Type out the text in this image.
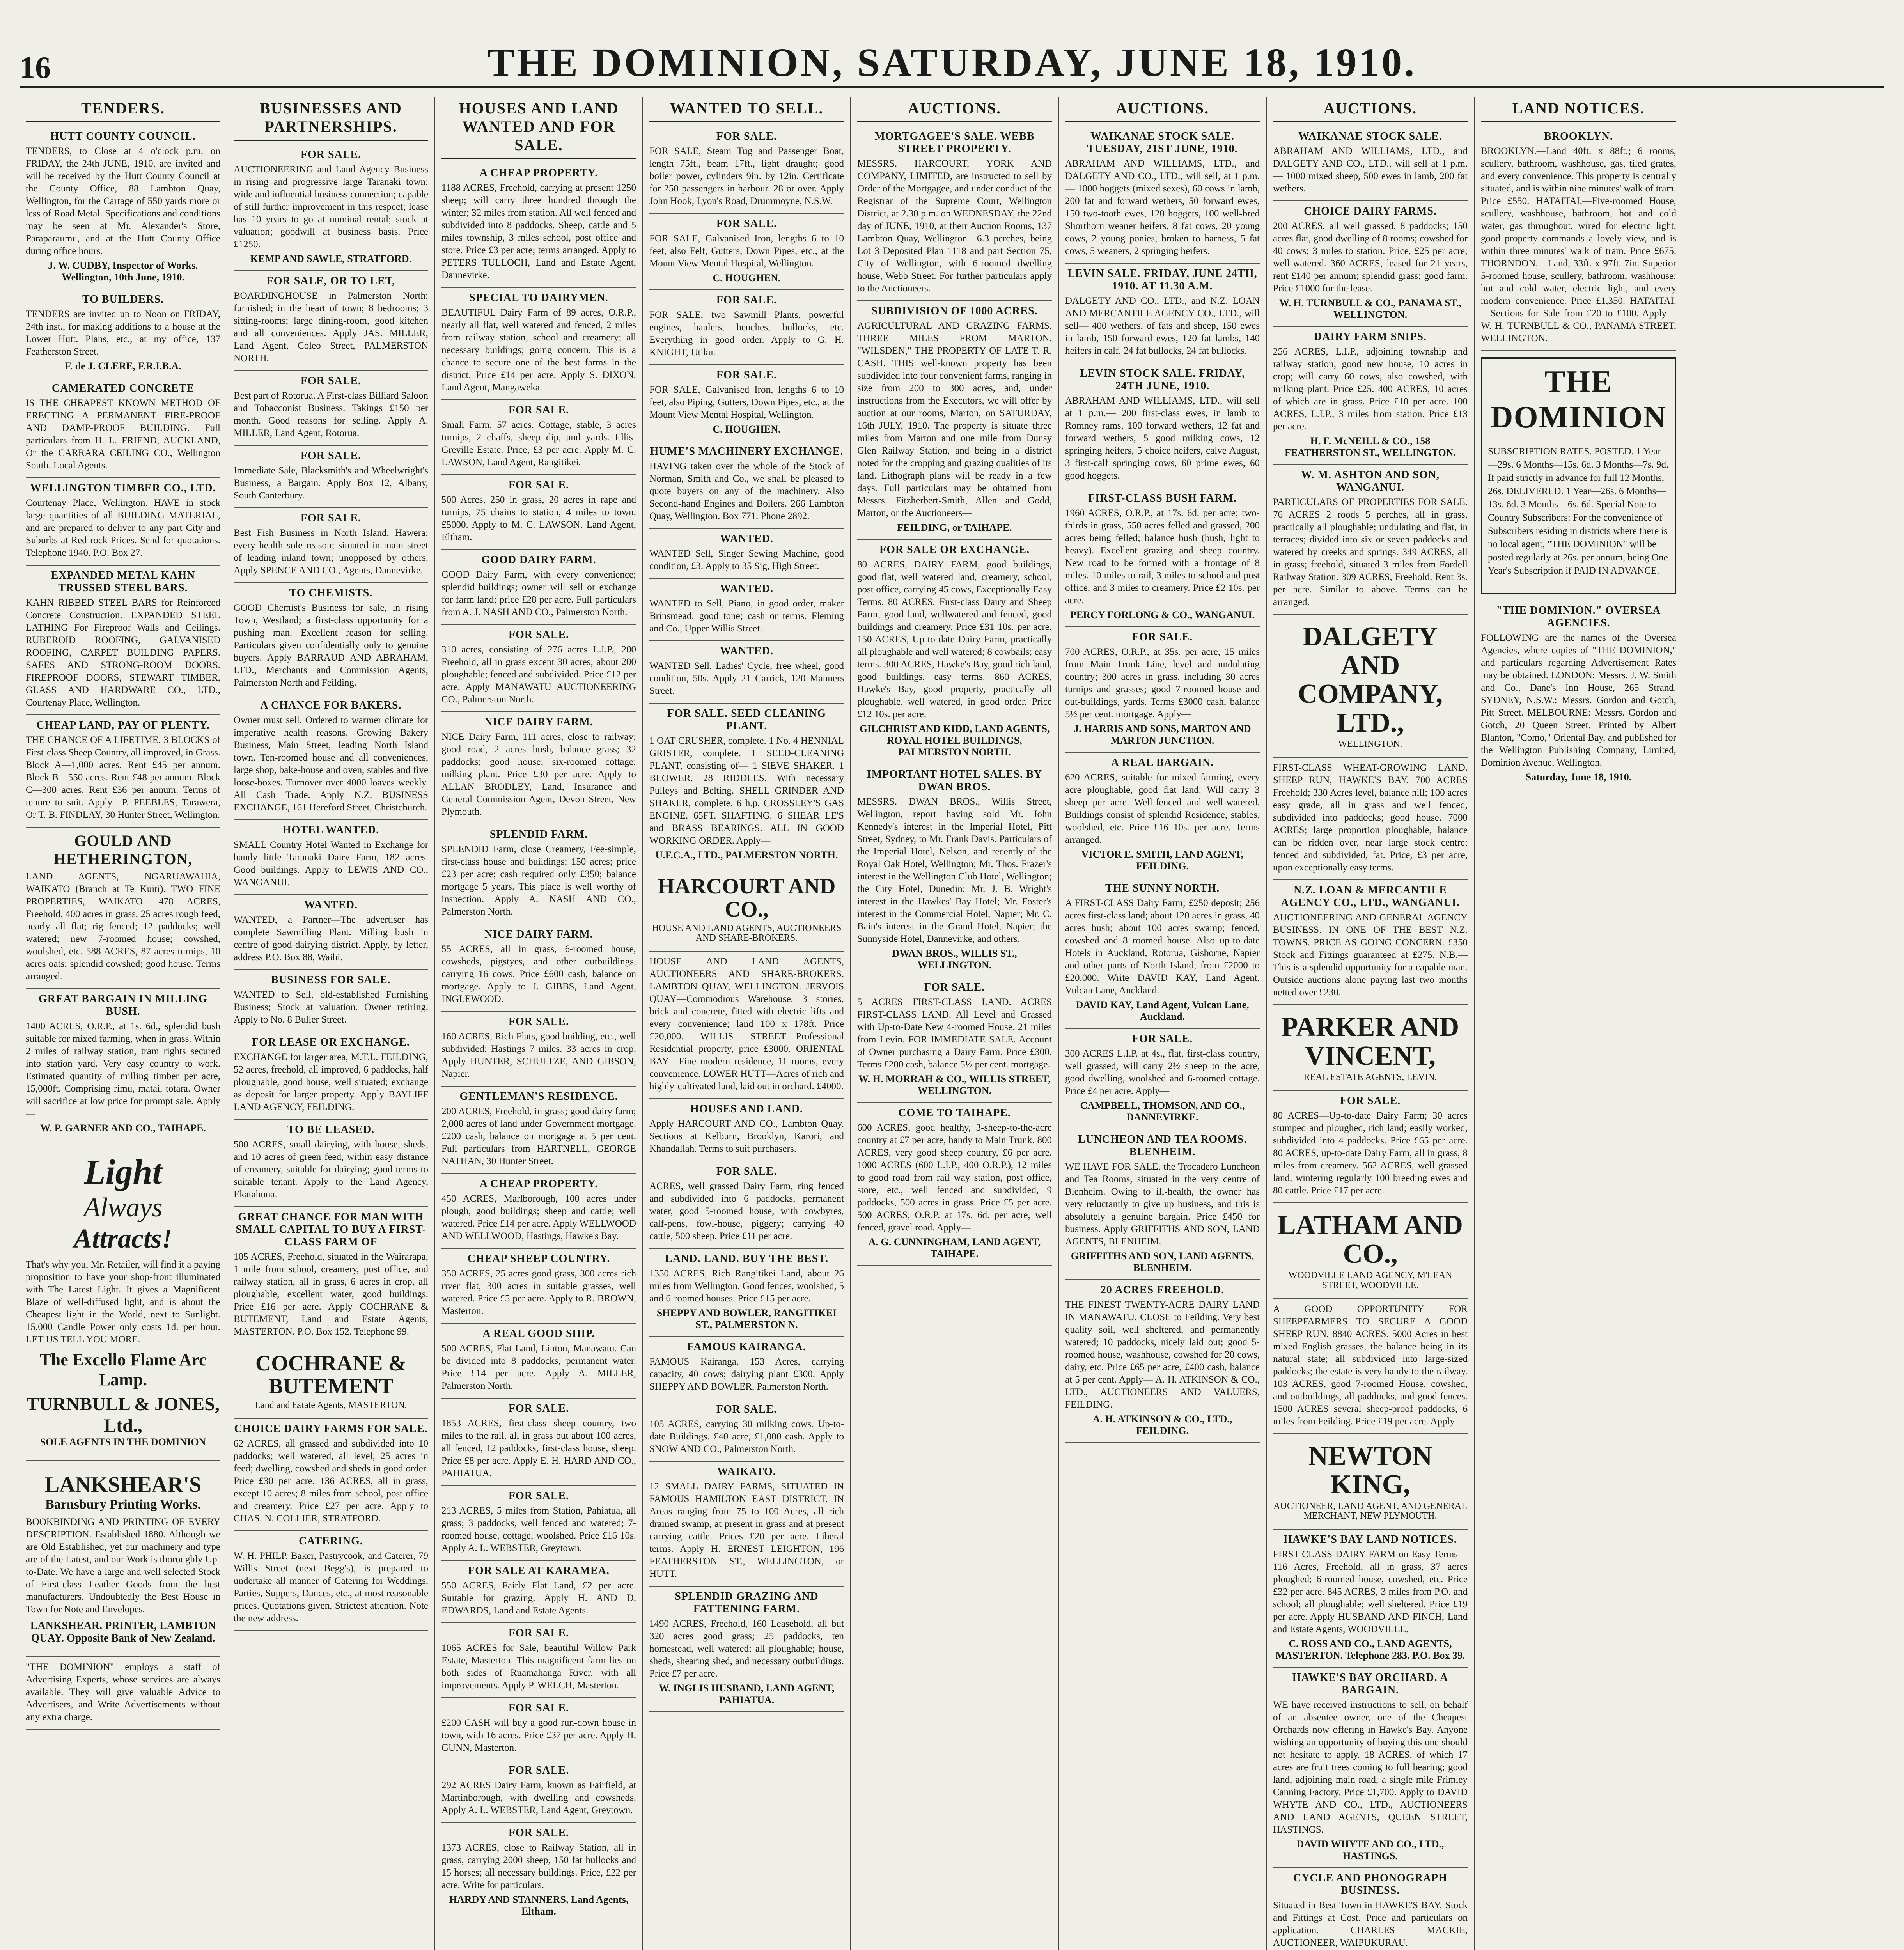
16	THE DOMINION, SATURDAY, JUNE 18, 1910.
TENDERS.
HUTT COUNTY COUNCIL.

TENDERS, to Close at 4 o'clock p.m. on FRIDAY, the 24th JUNE, 1910, are invited and will be received by the Hutt County Council at the County Office, 88 Lambton Quay, Wellington, for the Cartage of 550 yards more or less of Road Metal. Specifications and conditions may be seen at Mr. Alexander's Store, Paraparaumu, and at the Hutt County Office during office hours.

J. W. CUDBY, Inspector of Works. Wellington, 10th June, 1910.
TO BUILDERS.

TENDERS are invited up to Noon on FRIDAY, 24th inst., for making additions to a house at the Lower Hutt. Plans, etc., at my office, 137 Featherston Street.

F. de J. CLERE, F.R.I.B.A.
CAMERATED CONCRETE

IS THE CHEAPEST KNOWN METHOD OF ERECTING A PERMANENT FIRE-PROOF AND DAMP-PROOF BUILDING. Full particulars from H. L. FRIEND, AUCKLAND, Or the CARRARA CEILING CO., Wellington South. Local Agents.

WELLINGTON TIMBER CO., LTD.

Courtenay Place, Wellington. HAVE in stock large quantities of all BUILDING MATERIAL, and are prepared to deliver to any part City and Suburbs at Red-rock Prices. Send for quotations. Telephone 1940. P.O. Box 27.

EXPANDED METAL KAHN TRUSSED STEEL BARS.

KAHN RIBBED STEEL BARS for Reinforced Concrete Construction. EXPANDED STEEL LATHING For Fireproof Walls and Ceilings. RUBEROID ROOFING, GALVANISED ROOFING, CARPET BUILDING PAPERS. SAFES AND STRONG-ROOM DOORS. FIREPROOF DOORS, STEWART TIMBER, GLASS AND HARDWARE CO., LTD., Courtenay Place, Wellington.

CHEAP LAND, PAY OF PLENTY.

THE CHANCE OF A LIFETIME. 3 BLOCKS of First-class Sheep Country, all improved, in Grass. Block A—1,000 acres. Rent £45 per annum. Block B—550 acres. Rent £48 per annum. Block C—300 acres. Rent £36 per annum. Terms of tenure to suit. Apply—P. PEEBLES, Tarawera, Or T. B. FINDLAY, 30 Hunter Street, Wellington.

GOULD AND HETHERINGTON,

LAND AGENTS, NGARUAWAHIA, WAIKATO (Branch at Te Kuiti). TWO FINE PROPERTIES, WAIKATO. 478 ACRES, Freehold, 400 acres in grass, 25 acres rough feed, nearly all flat; rig fenced; 12 paddocks; well watered; new 7-roomed house; cowshed, woolshed, etc. 588 ACRES, 87 acres turnips, 10 acres oats; splendid cowshed; good house. Terms arranged.

GREAT BARGAIN IN MILLING BUSH.

1400 ACRES, O.R.P., at 1s. 6d., splendid bush suitable for mixed farming, when in grass. Within 2 miles of railway station, tram rights secured into station yard. Very easy country to work. Estimated quantity of milling timber per acre, 15,000ft. Comprising rimu, matai, totara. Owner will sacrifice at low price for prompt sale. Apply—

W. P. GARNER AND CO., TAIHAPE.
Light
Always
Attracts!

That's why you, Mr. Retailer, will find it a paying proposition to have your shop-front illuminated with The Latest Light. It gives a Magnificent Blaze of well-diffused light, and is about the Cheapest light in the World, next to Sunlight. 15,000 Candle Power only costs 1d. per hour. LET US TELL YOU MORE.

The Excello Flame Arc Lamp.
TURNBULL & JONES, Ltd.,
SOLE AGENTS IN THE DOMINION
LANKSHEAR'S
Barnsbury Printing Works.

BOOKBINDING AND PRINTING OF EVERY DESCRIPTION. Established 1880. Although we are Old Established, yet our machinery and type are of the Latest, and our Work is thoroughly Up-to-Date. We have a large and well selected Stock of First-class Leather Goods from the best manufacturers. Undoubtedly the Best House in Town for Note and Envelopes.

LANKSHEAR. PRINTER, LAMBTON QUAY. Opposite Bank of New Zealand.

"THE DOMINION" employs a staff of Advertising Experts, whose services are always available. They will give valuable Advice to Advertisers, and Write Advertisements without any extra charge.

BUSINESSES AND PARTNERSHIPS.
FOR SALE.

AUCTIONEERING and Land Agency Business in rising and progressive large Taranaki town; wide and influential business connection; capable of still further improvement in this respect; lease has 10 years to go at nominal rental; stock at valuation; goodwill at business basis. Price £1250.

KEMP AND SAWLE, STRATFORD.
FOR SALE, OR TO LET,

BOARDINGHOUSE in Palmerston North; furnished; in the heart of town; 8 bedrooms; 3 sitting-rooms; large dining-room, good kitchen and all conveniences. Apply JAS. MILLER, Land Agent, Coleo Street, PALMERSTON NORTH.

FOR SALE.

Best part of Rotorua. A First-class Billiard Saloon and Tobacconist Business. Takings £150 per month. Good reasons for selling. Apply A. MILLER, Land Agent, Rotorua.

FOR SALE.

Immediate Sale, Blacksmith's and Wheelwright's Business, a Bargain. Apply Box 12, Albany, South Canterbury.

FOR SALE.

Best Fish Business in North Island, Hawera; every health sole reason; situated in main street of leading inland town; unopposed by others. Apply SPENCE AND CO., Agents, Dannevirke.

TO CHEMISTS.

GOOD Chemist's Business for sale, in rising Town, Westland; a first-class opportunity for a pushing man. Excellent reason for selling. Particulars given confidentially only to genuine buyers. Apply BARRAUD AND ABRAHAM, LTD., Merchants and Commission Agents, Palmerston North and Feilding.

A CHANCE FOR BAKERS.

Owner must sell. Ordered to warmer climate for imperative health reasons. Growing Bakery Business, Main Street, leading North Island town. Ten-roomed house and all conveniences, large shop, bake-house and oven, stables and five loose-boxes. Turnover over 4000 loaves weekly. All Cash Trade. Apply N.Z. BUSINESS EXCHANGE, 161 Hereford Street, Christchurch.

HOTEL WANTED.

SMALL Country Hotel Wanted in Exchange for handy little Taranaki Dairy Farm, 182 acres. Good buildings. Apply to LEWIS AND CO., WANGANUI.

WANTED.

WANTED, a Partner—The advertiser has complete Sawmilling Plant. Milling bush in centre of good dairying district. Apply, by letter, address P.O. Box 88, Waihi.

BUSINESS FOR SALE.

WANTED to Sell, old-established Furnishing Business; Stock at valuation. Owner retiring. Apply to No. 8 Buller Street.

FOR LEASE OR EXCHANGE.

EXCHANGE for larger area, M.T.L. FEILDING, 52 acres, freehold, all improved, 6 paddocks, half ploughable, good house, well situated; exchange as deposit for larger property. Apply BAYLIFF LAND AGENCY, FEILDING.

TO BE LEASED.

500 ACRES, small dairying, with house, sheds, and 10 acres of green feed, within easy distance of creamery, suitable for dairying; good terms to suitable tenant. Apply to the Land Agency, Ekatahuna.

GREAT CHANCE FOR MAN WITH SMALL CAPITAL TO BUY A FIRST-CLASS FARM OF

105 ACRES, Freehold, situated in the Wairarapa, 1 mile from school, creamery, post office, and railway station, all in grass, 6 acres in crop, all ploughable, excellent water, good buildings. Price £16 per acre. Apply COCHRANE & BUTEMENT, Land and Estate Agents, MASTERTON. P.O. Box 152. Telephone 99.

COCHRANE & BUTEMENT
Land and Estate Agents, MASTERTON.
CHOICE DAIRY FARMS FOR SALE.

62 ACRES, all grassed and subdivided into 10 paddocks; well watered, all level; 25 acres in feed; dwelling, cowshed and sheds in good order. Price £30 per acre. 136 ACRES, all in grass, except 10 acres; 8 miles from school, post office and creamery. Price £27 per acre. Apply to CHAS. N. COLLIER, STRATFORD.

CATERING.

W. H. PHILP, Baker, Pastrycook, and Caterer, 79 Willis Street (next Begg's), is prepared to undertake all manner of Catering for Weddings, Parties, Suppers, Dances, etc., at most reasonable prices. Quotations given. Strictest attention. Note the new address.

HOUSES AND LAND WANTED AND FOR SALE.
A CHEAP PROPERTY.

1188 ACRES, Freehold, carrying at present 1250 sheep; will carry three hundred through the winter; 32 miles from station. All well fenced and subdivided into 8 paddocks. Sheep, cattle and 5 miles township, 3 miles school, post office and store. Price £3 per acre; terms arranged. Apply to PETERS TULLOCH, Land and Estate Agent, Dannevirke.

SPECIAL TO DAIRYMEN.

BEAUTIFUL Dairy Farm of 89 acres, O.R.P., nearly all flat, well watered and fenced, 2 miles from railway station, school and creamery; all necessary buildings; going concern. This is a chance to secure one of the best farms in the district. Price £14 per acre. Apply S. DIXON, Land Agent, Mangaweka.

FOR SALE.

Small Farm, 57 acres. Cottage, stable, 3 acres turnips, 2 chaffs, sheep dip, and yards. Ellis-Greville Estate. Price, £3 per acre. Apply M. C. LAWSON, Land Agent, Rangitikei.

FOR SALE.

500 Acres, 250 in grass, 20 acres in rape and turnips, 75 chains to station, 4 miles to town. £5000. Apply to M. C. LAWSON, Land Agent, Eltham.

GOOD DAIRY FARM.

GOOD Dairy Farm, with every convenience; splendid buildings; owner will sell or exchange for farm land; price £28 per acre. Full particulars from A. J. NASH AND CO., Palmerston North.

FOR SALE.

310 acres, consisting of 276 acres L.I.P., 200 Freehold, all in grass except 30 acres; about 200 ploughable; fenced and subdivided. Price £12 per acre. Apply MANAWATU AUCTIONEERING CO., Palmerston North.

NICE DAIRY FARM.

NICE Dairy Farm, 111 acres, close to railway; good road, 2 acres bush, balance grass; 32 paddocks; good house; six-roomed cottage; milking plant. Price £30 per acre. Apply to ALLAN BRODLEY, Land, Insurance and General Commission Agent, Devon Street, New Plymouth.

SPLENDID FARM.

SPLENDID Farm, close Creamery, Fee-simple, first-class house and buildings; 150 acres; price £23 per acre; cash required only £350; balance mortgage 5 years. This place is well worthy of inspection. Apply A. NASH AND CO., Palmerston North.

NICE DAIRY FARM.

55 ACRES, all in grass, 6-roomed house, cowsheds, pigstyes, and other outbuildings, carrying 16 cows. Price £600 cash, balance on mortgage. Apply to J. GIBBS, Land Agent, INGLEWOOD.

FOR SALE.

160 ACRES, Rich Flats, good building, etc., well subdivided; Hastings 7 miles. 33 acres in crop. Apply HUNTER, SCHULTZE, AND GIBSON, Napier.

GENTLEMAN'S RESIDENCE.

200 ACRES, Freehold, in grass; good dairy farm; 2,000 acres of land under Government mortgage. £200 cash, balance on mortgage at 5 per cent. Full particulars from HARTNELL, GEORGE NATHAN, 30 Hunter Street.

A CHEAP PROPERTY.

450 ACRES, Marlborough, 100 acres under plough, good buildings; sheep and cattle; well watered. Price £14 per acre. Apply WELLWOOD AND WELLWOOD, Hastings, Hawke's Bay.

CHEAP SHEEP COUNTRY.

350 ACRES, 25 acres good grass, 300 acres rich river flat, 300 acres in suitable grasses, well watered. Price £5 per acre. Apply to R. BROWN, Masterton.

A REAL GOOD SHIP.

500 ACRES, Flat Land, Linton, Manawatu. Can be divided into 8 paddocks, permanent water. Price £14 per acre. Apply A. MILLER, Palmerston North.

FOR SALE.

1853 ACRES, first-class sheep country, two miles to the rail, all in grass but about 100 acres, all fenced, 12 paddocks, first-class house, sheep. Price £8 per acre. Apply E. H. HARD AND CO., PAHIATUA.

FOR SALE.

213 ACRES, 5 miles from Station, Pahiatua, all grass; 3 paddocks, well fenced and watered; 7-roomed house, cottage, woolshed. Price £16 10s. Apply A. L. WEBSTER, Greytown.

FOR SALE AT KARAMEA.

550 ACRES, Fairly Flat Land, £2 per acre. Suitable for grazing. Apply H. AND D. EDWARDS, Land and Estate Agents.

FOR SALE.

1065 ACRES for Sale, beautiful Willow Park Estate, Masterton. This magnificent farm lies on both sides of Ruamahanga River, with all improvements. Apply P. WELCH, Masterton.

FOR SALE.

£200 CASH will buy a good run-down house in town, with 16 acres. Price £37 per acre. Apply H. GUNN, Masterton.

FOR SALE.

292 ACRES Dairy Farm, known as Fairfield, at Martinborough, with dwelling and cowsheds. Apply A. L. WEBSTER, Land Agent, Greytown.

FOR SALE.

1373 ACRES, close to Railway Station, all in grass, carrying 2000 sheep, 150 fat bullocks and 15 horses; all necessary buildings. Price, £22 per acre. Write for particulars.

HARDY AND STANNERS, Land Agents, Eltham.
WANTED TO SELL.
FOR SALE.

FOR SALE, Steam Tug and Passenger Boat, length 75ft., beam 17ft., light draught; good boiler power, cylinders 9in. by 12in. Certificate for 250 passengers in harbour. 28 or over. Apply John Hook, Lyon's Road, Drummoyne, N.S.W.

FOR SALE.

FOR SALE, Galvanised Iron, lengths 6 to 10 feet, also Felt, Gutters, Down Pipes, etc., at the Mount View Mental Hospital, Wellington.

C. HOUGHEN.
FOR SALE.

FOR SALE, two Sawmill Plants, powerful engines, haulers, benches, bullocks, etc. Everything in good order. Apply to G. H. KNIGHT, Utiku.

FOR SALE.

FOR SALE, Galvanised Iron, lengths 6 to 10 feet, also Piping, Gutters, Down Pipes, etc., at the Mount View Mental Hospital, Wellington.

C. HOUGHEN.
HUME'S MACHINERY EXCHANGE.

HAVING taken over the whole of the Stock of Norman, Smith and Co., we shall be pleased to quote buyers on any of the machinery. Also Second-hand Engines and Boilers. 266 Lambton Quay, Wellington. Box 771. Phone 2892.

WANTED.

WANTED Sell, Singer Sewing Machine, good condition, £3. Apply to 35 Sig, High Street.

WANTED.

WANTED to Sell, Piano, in good order, maker Brinsmead; good tone; cash or terms. Fleming and Co., Upper Willis Street.

WANTED.

WANTED Sell, Ladies' Cycle, free wheel, good condition, 50s. Apply 21 Carrick, 120 Manners Street.

FOR SALE. SEED CLEANING PLANT.

1 OAT CRUSHER, complete. 1 No. 4 HENNIAL GRISTER, complete. 1 SEED-CLEANING PLANT, consisting of— 1 SIEVE SHAKER. 1 BLOWER. 28 RIDDLES. With necessary Pulleys and Belting. SHELL GRINDER AND SHAKER, complete. 6 h.p. CROSSLEY'S GAS ENGINE. 65FT. SHAFTING. 6 SHEAR LE'S and BRASS BEARINGS. ALL IN GOOD WORKING ORDER. Apply—

U.F.C.A., LTD., PALMERSTON NORTH.
HARCOURT AND CO.,
HOUSE AND LAND AGENTS, AUCTIONEERS AND SHARE-BROKERS.

HOUSE AND LAND AGENTS, AUCTIONEERS AND SHARE-BROKERS. LAMBTON QUAY, WELLINGTON. JERVOIS QUAY—Commodious Warehouse, 3 stories, brick and concrete, fitted with electric lifts and every convenience; land 100 x 178ft. Price £20,000. WILLIS STREET—Professional Residential property, price £3000. ORIENTAL BAY—Fine modern residence, 11 rooms, every convenience. LOWER HUTT—Acres of rich and highly-cultivated land, laid out in orchard. £4000.

HOUSES AND LAND.

Apply HARCOURT AND CO., Lambton Quay. Sections at Kelburn, Brooklyn, Karori, and Khandallah. Terms to suit purchasers.

FOR SALE.

ACRES, well grassed Dairy Farm, ring fenced and subdivided into 6 paddocks, permanent water, good 5-roomed house, with cowbyres, calf-pens, fowl-house, piggery; carrying 40 cattle, 500 sheep. Price £11 per acre.

LAND. LAND. BUY THE BEST.

1350 ACRES, Rich Rangitikei Land, about 26 miles from Wellington. Good fences, woolshed, 5 and 6-roomed houses. Price £15 per acre.

SHEPPY AND BOWLER, RANGITIKEI ST., PALMERSTON N.
FAMOUS KAIRANGA.

FAMOUS Kairanga, 153 Acres, carrying capacity, 40 cows; dairying plant £300. Apply SHEPPY AND BOWLER, Palmerston North.

FOR SALE.

105 ACRES, carrying 30 milking cows. Up-to-date Buildings. £40 acre, £1,000 cash. Apply to SNOW AND CO., Palmerston North.

WAIKATO.

12 SMALL DAIRY FARMS, SITUATED IN FAMOUS HAMILTON EAST DISTRICT. IN Areas ranging from 75 to 100 Acres, all rich drained swamp, at present in grass and at present carrying cattle. Prices £20 per acre. Liberal terms. Apply H. ERNEST LEIGHTON, 196 FEATHERSTON ST., WELLINGTON, or HUTT.

SPLENDID GRAZING AND FATTENING FARM.

1490 ACRES, Freehold, 160 Leasehold, all but 320 acres good grass; 25 paddocks, ten homestead, well watered; all ploughable; house, sheds, shearing shed, and necessary outbuildings. Price £7 per acre.

W. INGLIS HUSBAND, LAND AGENT, PAHIATUA.
AUCTIONS.
MORTGAGEE'S SALE. WEBB STREET PROPERTY.

MESSRS. HARCOURT, YORK AND COMPANY, LIMITED, are instructed to sell by Order of the Mortgagee, and under conduct of the Registrar of the Supreme Court, Wellington District, at 2.30 p.m. on WEDNESDAY, the 22nd day of JUNE, 1910, at their Auction Rooms, 137 Lambton Quay, Wellington—6.3 perches, being Lot 3 Deposited Plan 1118 and part Section 75, City of Wellington, with 6-roomed dwelling house, Webb Street. For further particulars apply to the Auctioneers.

SUBDIVISION OF 1000 ACRES.

AGRICULTURAL AND GRAZING FARMS. THREE MILES FROM MARTON. "WILSDEN," THE PROPERTY OF LATE T. R. CASH. THIS well-known property has been subdivided into four convenient farms, ranging in size from 200 to 300 acres, and, under instructions from the Executors, we will offer by auction at our rooms, Marton, on SATURDAY, 16th JULY, 1910. The property is situate three miles from Marton and one mile from Dunsy Glen Railway Station, and being in a district noted for the cropping and grazing qualities of its land. Lithograph plans will be ready in a few days. Full particulars may be obtained from Messrs. Fitzherbert-Smith, Allen and Godd, Marton, or the Auctioneers—

FEILDING, or TAIHAPE.
FOR SALE OR EXCHANGE.

80 ACRES, DAIRY FARM, good buildings, good flat, well watered land, creamery, school, post office, carrying 45 cows, Exceptionally Easy Terms. 80 ACRES, First-class Dairy and Sheep Farm, good land, wellwatered and fenced, good buildings and creamery. Price £31 10s. per acre. 150 ACRES, Up-to-date Dairy Farm, practically all ploughable and well watered; 8 cowbails; easy terms. 300 ACRES, Hawke's Bay, good rich land, good buildings, easy terms. 860 ACRES, Hawke's Bay, good property, practically all ploughable, well watered, in good order. Price £12 10s. per acre.

GILCHRIST AND KIDD, LAND AGENTS, ROYAL HOTEL BUILDINGS, PALMERSTON NORTH.
IMPORTANT HOTEL SALES. BY DWAN BROS.

MESSRS. DWAN BROS., Willis Street, Wellington, report having sold Mr. John Kennedy's interest in the Imperial Hotel, Pitt Street, Sydney, to Mr. Frank Davis. Particulars of the Imperial Hotel, Nelson, and recently of the Royal Oak Hotel, Wellington; Mr. Thos. Frazer's interest in the Wellington Club Hotel, Wellington; the City Hotel, Dunedin; Mr. J. B. Wright's interest in the Hawkes' Bay Hotel; Mr. Foster's interest in the Commercial Hotel, Napier; Mr. C. Bain's interest in the Grand Hotel, Napier; the Sunnyside Hotel, Dannevirke, and others.

DWAN BROS., WILLIS ST., WELLINGTON.
FOR SALE.

5 ACRES FIRST-CLASS LAND. ACRES FIRST-CLASS LAND. All Level and Grassed with Up-to-Date New 4-roomed House. 21 miles from Levin. FOR IMMEDIATE SALE. Account of Owner purchasing a Dairy Farm. Price £300. Terms £200 cash, balance 5½ per cent. mortgage.

W. H. MORRAH & CO., WILLIS STREET, WELLINGTON.
COME TO TAIHAPE.

600 ACRES, good healthy, 3-sheep-to-the-acre country at £7 per acre, handy to Main Trunk. 800 ACRES, very good sheep country, £6 per acre. 1000 ACRES (600 L.I.P., 400 O.R.P.), 12 miles to good road from rail way station, post office, store, etc., well fenced and subdivided, 9 paddocks, 500 acres in grass. Price £5 per acre. 500 ACRES, O.R.P. at 17s. 6d. per acre, well fenced, gravel road. Apply—

A. G. CUNNINGHAM, LAND AGENT, TAIHAPE.
AUCTIONS.
WAIKANAE STOCK SALE. TUESDAY, 21ST JUNE, 1910.

ABRAHAM AND WILLIAMS, LTD., and DALGETY AND CO., LTD., will sell, at 1 p.m.— 1000 hoggets (mixed sexes), 60 cows in lamb, 200 fat and forward wethers, 50 forward ewes, 150 two-tooth ewes, 120 hoggets, 100 well-bred Shorthorn weaner heifers, 8 fat cows, 20 young cows, 2 young ponies, broken to harness, 5 fat cows, 5 weaners, 2 springing heifers.

LEVIN SALE. FRIDAY, JUNE 24TH, 1910. AT 11.30 A.M.

DALGETY AND CO., LTD., and N.Z. LOAN AND MERCANTILE AGENCY CO., LTD., will sell— 400 wethers, of fats and sheep, 150 ewes in lamb, 150 forward ewes, 120 fat lambs, 140 heifers in calf, 24 fat bullocks, 24 fat bullocks.

LEVIN STOCK SALE. FRIDAY, 24TH JUNE, 1910.

ABRAHAM AND WILLIAMS, LTD., will sell at 1 p.m.— 200 first-class ewes, in lamb to Romney rams, 100 forward wethers, 12 fat and forward wethers, 5 good milking cows, 12 springing heifers, 5 choice heifers, calve August, 3 first-calf springing cows, 60 prime ewes, 60 good hoggets.

FIRST-CLASS BUSH FARM.

1960 ACRES, O.R.P., at 17s. 6d. per acre; two-thirds in grass, 550 acres felled and grassed, 200 acres being felled; balance bush (bush, light to heavy). Excellent grazing and sheep country. New road to be formed with a frontage of 8 miles. 10 miles to rail, 3 miles to school and post office, and 3 miles to creamery. Price £2 10s. per acre.

PERCY FORLONG & CO., WANGANUI.
FOR SALE.

700 ACRES, O.R.P., at 35s. per acre, 15 miles from Main Trunk Line, level and undulating country; 300 acres in grass, including 30 acres turnips and grasses; good 7-roomed house and out-buildings, yards. Terms £3000 cash, balance 5½ per cent. mortgage. Apply—

J. HARRIS AND SONS, MARTON AND MARTON JUNCTION.
A REAL BARGAIN.

620 ACRES, suitable for mixed farming, every acre ploughable, good flat land. Will carry 3 sheep per acre. Well-fenced and well-watered. Buildings consist of splendid Residence, stables, woolshed, etc. Price £16 10s. per acre. Terms arranged.

VICTOR E. SMITH, LAND AGENT, FEILDING.
THE SUNNY NORTH.

A FIRST-CLASS Dairy Farm; £250 deposit; 256 acres first-class land; about 120 acres in grass, 40 acres bush; about 100 acres swamp; fenced, cowshed and 8 roomed house. Also up-to-date Hotels in Auckland, Rotorua, Gisborne, Napier and other parts of North Island, from £2000 to £20,000. Write DAVID KAY, Land Agent, Vulcan Lane, Auckland.

DAVID KAY, Land Agent, Vulcan Lane, Auckland.
FOR SALE.

300 ACRES L.I.P. at 4s., flat, first-class country, well grassed, will carry 2½ sheep to the acre, good dwelling, woolshed and 6-roomed cottage. Price £4 per acre. Apply—

CAMPBELL, THOMSON, AND CO., DANNEVIRKE.
LUNCHEON AND TEA ROOMS. BLENHEIM.

WE HAVE FOR SALE, the Trocadero Luncheon and Tea Rooms, situated in the very centre of Blenheim. Owing to ill-health, the owner has very reluctantly to give up business, and this is absolutely a genuine bargain. Price £450 for business. Apply GRIFFITHS AND SON, LAND AGENTS, BLENHEIM.

GRIFFITHS AND SON, LAND AGENTS, BLENHEIM.
20 ACRES FREEHOLD.

THE FINEST TWENTY-ACRE DAIRY LAND IN MANAWATU. CLOSE to Feilding. Very best quality soil, well sheltered, and permanently watered; 10 paddocks, nicely laid out; good 5-roomed house, washhouse, cowshed for 20 cows, dairy, etc. Price £65 per acre, £400 cash, balance at 5 per cent. Apply— A. H. ATKINSON & CO., LTD., AUCTIONEERS AND VALUERS, FEILDING.

A. H. ATKINSON & CO., LTD., FEILDING.
AUCTIONS.
WAIKANAE STOCK SALE.

ABRAHAM AND WILLIAMS, LTD., and DALGETY AND CO., LTD., will sell at 1 p.m.— 1000 mixed sheep, 500 ewes in lamb, 200 fat wethers.

CHOICE DAIRY FARMS.

200 ACRES, all well grassed, 8 paddocks; 150 acres flat, good dwelling of 8 rooms; cowshed for 40 cows; 3 miles to station. Price, £25 per acre; well-watered. 360 ACRES, leased for 21 years, rent £140 per annum; splendid grass; good farm. Price £1000 for the lease.

W. H. TURNBULL & CO., PANAMA ST., WELLINGTON.
DAIRY FARM SNIPS.

256 ACRES, L.I.P., adjoining township and railway station; good new house, 10 acres in crop; will carry 60 cows, also cowshed, with milking plant. Price £25. 400 ACRES, 10 acres of which are in grass. Price £10 per acre. 100 ACRES, L.I.P., 3 miles from station. Price £13 per acre.

H. F. McNEILL & CO., 158 FEATHERSTON ST., WELLINGTON.
W. M. ASHTON AND SON, WANGANUI.

PARTICULARS OF PROPERTIES FOR SALE. 76 ACRES 2 roods 5 perches, all in grass, practically all ploughable; undulating and flat, in terraces; divided into six or seven paddocks and watered by creeks and springs. 349 ACRES, all in grass; freehold, situated 3 miles from Fordell Railway Station. 309 ACRES, Freehold. Rent 3s. per acre. Similar to above. Terms can be arranged.

DALGETY AND COMPANY, LTD.,
WELLINGTON.

FIRST-CLASS WHEAT-GROWING LAND. SHEEP RUN, HAWKE'S BAY. 700 ACRES Freehold; 330 Acres level, balance hill; 100 acres easy grade, all in grass and well fenced, subdivided into paddocks; good house. 7000 ACRES; large proportion ploughable, balance can be ridden over, near large stock centre; fenced and subdivided, fat. Price, £3 per acre, upon exceptionally easy terms.

N.Z. LOAN & MERCANTILE AGENCY CO., LTD., WANGANUI.

AUCTIONEERING AND GENERAL AGENCY BUSINESS. IN ONE OF THE BEST N.Z. TOWNS. PRICE AS GOING CONCERN. £350 Stock and Fittings guaranteed at £275. N.B.—This is a splendid opportunity for a capable man. Outside auctions alone paying last two months netted over £230.

PARKER AND VINCENT,
REAL ESTATE AGENTS, LEVIN.
FOR SALE.

80 ACRES—Up-to-date Dairy Farm; 30 acres stumped and ploughed, rich land; easily worked, subdivided into 4 paddocks. Price £65 per acre. 80 ACRES, up-to-date Dairy Farm, all in grass, 8 miles from creamery. 562 ACRES, well grassed land, wintering regularly 100 breeding ewes and 80 cattle. Price £17 per acre.

LATHAM AND CO.,
WOODVILLE LAND AGENCY, M'LEAN STREET, WOODVILLE.

A GOOD OPPORTUNITY FOR SHEEPFARMERS TO SECURE A GOOD SHEEP RUN. 8840 ACRES. 5000 Acres in best mixed English grasses, the balance being in its natural state; all subdivided into large-sized paddocks; the estate is very handy to the railway. 103 ACRES, good 7-roomed House, cowshed, and outbuildings, all paddocks, and good fences. 1500 ACRES several sheep-proof paddocks, 6 miles from Feilding. Price £19 per acre. Apply—

NEWTON KING,
AUCTIONEER, LAND AGENT, AND GENERAL MERCHANT, NEW PLYMOUTH.
HAWKE'S BAY LAND NOTICES.

FIRST-CLASS DAIRY FARM on Easy Terms—116 Acres, Freehold, all in grass, 37 acres ploughed; 6-roomed house, cowshed, etc. Price £32 per acre. 845 ACRES, 3 miles from P.O. and school; all ploughable; well sheltered. Price £19 per acre. Apply HUSBAND AND FINCH, Land and Estate Agents, WOODVILLE.

C. ROSS AND CO., LAND AGENTS, MASTERTON. Telephone 283. P.O. Box 39.
HAWKE'S BAY ORCHARD. A BARGAIN.

WE have received instructions to sell, on behalf of an absentee owner, one of the Cheapest Orchards now offering in Hawke's Bay. Anyone wishing an opportunity of buying this one should not hesitate to apply. 18 ACRES, of which 17 acres are fruit trees coming to full bearing; good land, adjoining main road, a single mile Frimley Canning Factory. Price £1,700. Apply to DAVID WHYTE AND CO., LTD., AUCTIONEERS AND LAND AGENTS, QUEEN STREET, HASTINGS.

DAVID WHYTE AND CO., LTD., HASTINGS.
CYCLE AND PHONOGRAPH BUSINESS.

Situated in Best Town in HAWKE'S BAY. Stock and Fittings at Cost. Price and particulars on application. CHARLES MACKIE, AUCTIONEER, WAIPUKURAU.

LAND NOTICES.
BROOKLYN.

BROOKLYN.—Land 40ft. x 88ft.; 6 rooms, scullery, bathroom, washhouse, gas, tiled grates, and every convenience. This property is centrally situated, and is within nine minutes' walk of tram. Price £550. HATAITAI.—Five-roomed House, scullery, washhouse, bathroom, hot and cold water, gas throughout, wired for electric light, good property commands a lovely view, and is within three minutes' walk of tram. Price £675. THORNDON.—Land, 33ft. x 97ft. 7in. Superior 5-roomed house, scullery, bathroom, washhouse; hot and cold water, electric light, and every modern convenience. Price £1,350. HATAITAI.—Sections for Sale from £20 to £100. Apply— W. H. TURNBULL & CO., PANAMA STREET, WELLINGTON.

THE DOMINION

SUBSCRIPTION RATES. POSTED. 1 Year—29s. 6 Months—15s. 6d. 3 Months—7s. 9d. If paid strictly in advance for full 12 Months, 26s. DELIVERED. 1 Year—26s. 6 Months—13s. 6d. 3 Months—6s. 6d. Special Note to Country Subscribers: For the convenience of Subscribers residing in districts where there is no local agent, "THE DOMINION" will be posted regularly at 26s. per annum, being One Year's Subscription if PAID IN ADVANCE.

"THE DOMINION." OVERSEA AGENCIES.

FOLLOWING are the names of the Oversea Agencies, where copies of "THE DOMINION," and particulars regarding Advertisement Rates may be obtained. LONDON: Messrs. J. W. Smith and Co., Dane's Inn House, 265 Strand. SYDNEY, N.S.W.: Messrs. Gordon and Gotch, Pitt Street. MELBOURNE: Messrs. Gordon and Gotch, 20 Queen Street. Printed by Albert Blanton, "Como," Oriental Bay, and published for the Wellington Publishing Company, Limited, Dominion Avenue, Wellington.

Saturday, June 18, 1910.
